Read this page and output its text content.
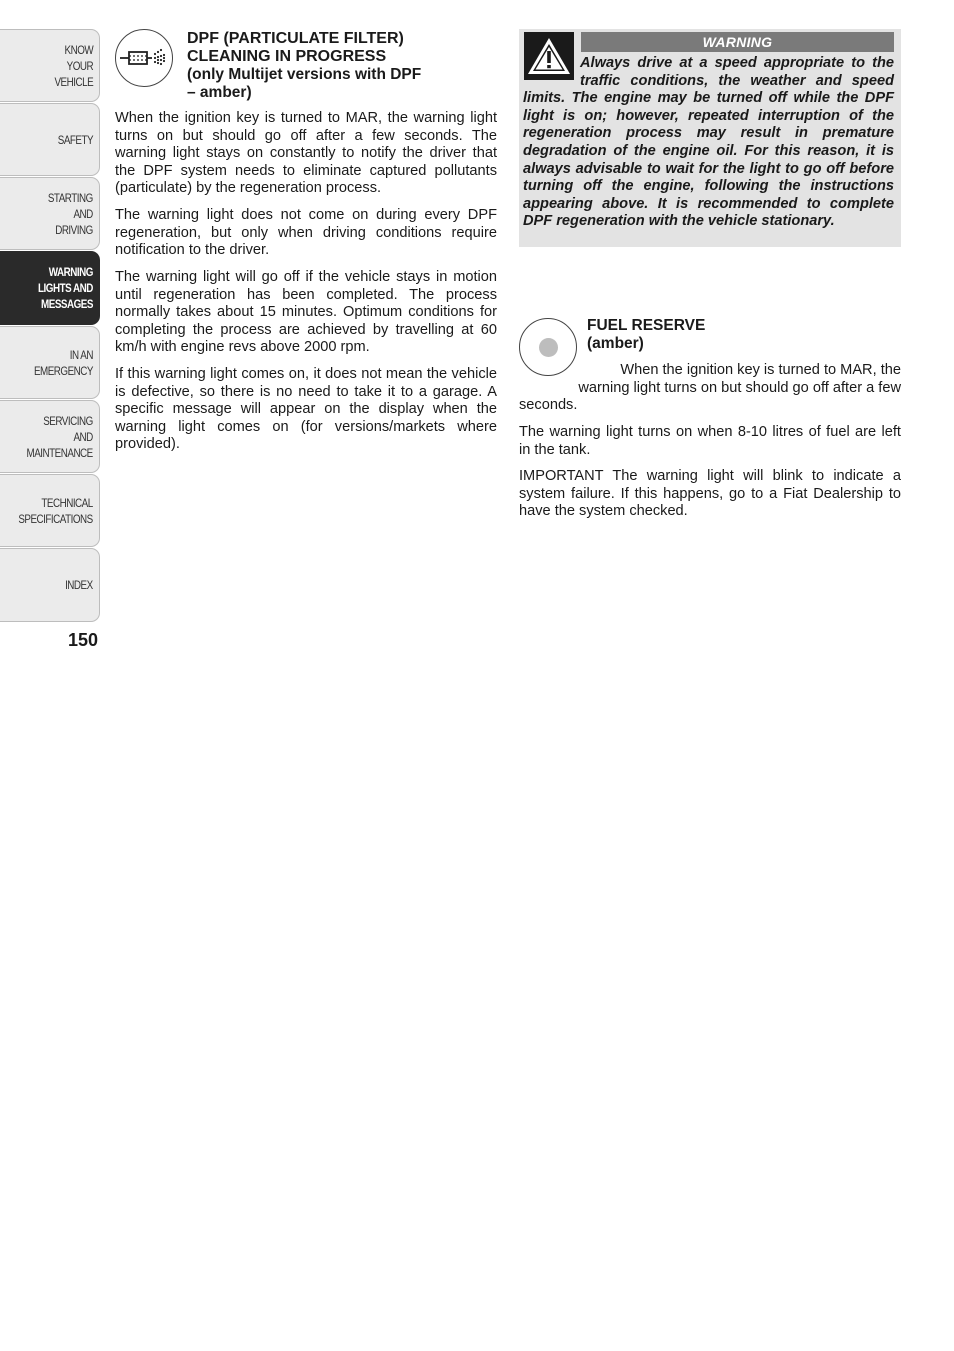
KNOW
YOUR
VEHICLE
SAFETY
STARTING
AND
DRIVING
WARNING
LIGHTS AND
MESSAGES
IN AN
EMERGENCY
SERVICING
AND
MAINTENANCE
TECHNICAL
SPECIFICATIONS
INDEX
150
DPF (PARTICULATE FILTER)
CLEANING IN PROGRESS
(only Multijet versions with DPF
– amber)

When the ignition key is turned to MAR, the warning light turns on but should go off after a few seconds. The warning light stays on constantly to notify the driver that the DPF system needs to eliminate captured pollutants (particulate) by the regeneration process.

The warning light does not come on during every DPF regeneration, but only when driving conditions require notification to the driver.

The warning light will go off if the vehicle stays in motion until regeneration has been completed. The process normally takes about 15 minutes. Optimum conditions for completing the process are achieved by travelling at 60 km/h with engine revs above 2000 rpm.

If this warning light comes on, it does not mean the vehicle is defective, so there is no need to take it to a garage. A specific message will appear on the display when the warning light comes on (for versions/markets where provided).

WARNING

Always drive at a speed appropriate to the traffic conditions, the weather and speed limits. The engine may be turned off while the DPF light is on; however, repeated interruption of the regeneration process may result in premature degradation of the engine oil. For this reason, it is always advisable to wait for the light to go off before turning off the engine, following the instructions appearing above. It is recommended to complete DPF regeneration with the vehicle stationary.

FUEL RESERVE
(amber)
When the ignition key is turned to MAR, the
warning light turns on but should go off after a few
seconds.

The warning light turns on when 8-10 litres of fuel are left in the tank.

IMPORTANT The warning light will blink to indicate a system failure. If this happens, go to a Fiat Dealership to have the system checked.
